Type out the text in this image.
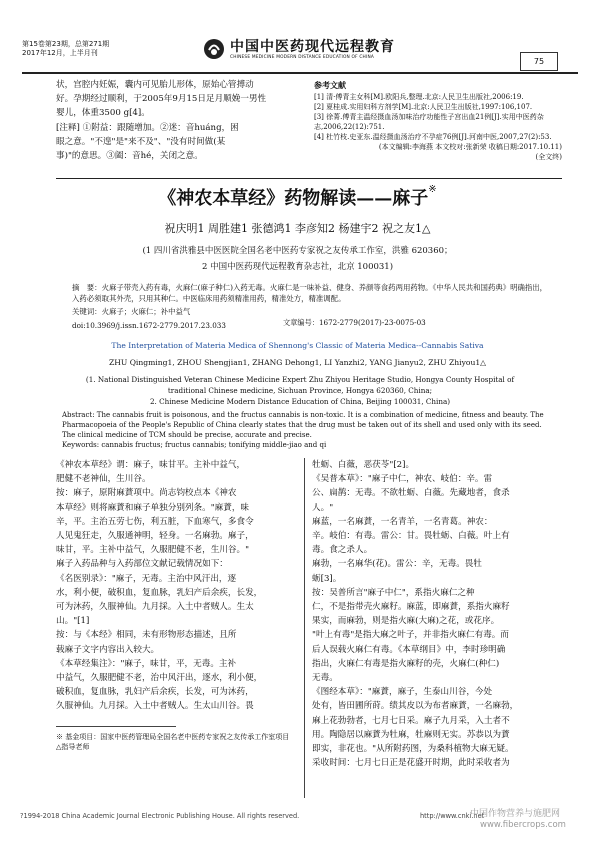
第15卷第23期，总第271期
2017年12月，上半月刊	中国中医药现代远程教育
CHINESE MEDICINE MODERN DISTANCE EDUCATION OF CHINA	75

状，宫腔内妊娠，囊内可见胎儿形体，原始心管搏动

好。孕期经过顺利，于2005年9月15日足月顺娩一男性

婴儿，体重3500 g[4]。

[注释] ①附益：跟随增加。②迷：音huáng，困

眼之意。"不遑"是"来不及"、"没有时间做(某

事)"的意思。③阖：音hé，关闭之意。

参考文献

[1] 清·傅青主女科[M].欧阳兵,整理.北京:人民卫生出版社,2006:19.

[2] 夏桂成.实用妇科方剂学[M].北京:人民卫生出版社,1997:106,107.

[3] 徐菁.傅青主温经摄血汤加味治疗功能性子宫出血21例[J].实用中医药杂志,2006,22(12):751.

[4] 杜竹枝.史亚东.温经摄血汤治疗不孕症76例[J].河南中医,2007,27(2):53.

(本文编辑:李海燕 本文校对:张新荣 收稿日期:2017.10.11)

(全文终)

《神农本草经》药物解读——麻子※
祝庆明1 周胜建1 张德鸿1 李彦知2 杨建宇2 祝之友1△
(1 四川省洪雅县中医医院全国名老中医药专家祝之友传承工作室，洪雅 620360；
2 中国中医药现代远程教育杂志社，北京 100031)
摘　要：火麻子带壳入药有毒，火麻仁(麻子种仁)入药无毒。火麻仁是一味补益、健身、养颜等食药两用药物。《中华人民共和国药典》明确指出，入药必须取其外壳，只用其种仁。中医临床用药须精准用药，精准处方，精准调配。
关键词：火麻子；火麻仁；补中益气
doi:10.3969/j.issn.1672-2779.2017.23.033	文章编号：1672-2779(2017)-23-0075-03
The Interpretation of Materia Medica of Shennong's Classic of Materia Medica--Cannabis Sativa
ZHU Qingming1, ZHOU Shengjian1, ZHANG Dehong1, LI Yanzhi2, YANG Jianyu2, ZHU Zhiyou1△
(1. National Distinguished Veteran Chinese Medicine Expert Zhu Zhiyou Heritage Studio, Hongya County Hospital of
traditional Chinese medicine, Sichuan Province, Hongya 620360, China;
2. Chinese Medicine Modern Distance Education of China, Beijing 100031, China)
Abstract: The cannabis fruit is poisonous, and the fructus cannabis is non-toxic. It is a combination of medicine, fitness and beauty. The Pharmacopoeia of the People's Republic of China clearly states that the drug must be taken out of its shell and used only with its seed. The clinical medicine of TCM should be precise, accurate and precise.
Keywords: cannabis fructus; fructus cannabis; tonifying middle-jiao and qi

《神农本草经》谓：麻子，味甘平。主补中益气，

肥健不老神仙，生川谷。

按：麻子，原附麻蕡项中。尚志钧校点本《神农

本草经》则将麻蕡和麻子单独分别列条。"麻蕡，味

辛，平。主治五劳七伤，利五脏，下血寒气，多食令

人见鬼狂走，久服通神明，轻身。一名麻勃。麻子，

味甘，平。主补中益气，久服肥健不老，生川谷。"

麻子入药品种与入药部位文献记载情况如下：

《名医别录》："麻子，无毒。主治中风汗出，逐

水，利小便，破积血，复血脉，乳妇产后余疾，长发，

可为沐药，久服神仙。九月採。入土中者贼人。生太

山。"[1]

按：与《本经》相同，未有形物形态描述，且所

载麻子文字内容出入较大。

《本草经集注》："麻子，味甘，平，无毒。主补

中益气，久服肥健不老，治中风汗出，逐水，利小便，

破积血，复血脉，乳妇产后余疾，长发，可为沐药，

久服神仙。九月採。入土中者贼人。生太山川谷。畏

牡蛎、白薇，恶茯苓"[2]。

《吴普本草》："麻子中仁，神农、岐伯：辛。雷

公、扁鹊：无毒。不欲牡蛎、白薇。先藏地者，食杀

人。"

麻蓝，一名麻蕡，一名青羊，一名青葛。神农：

辛。岐伯：有毒。雷公：甘。畏牡蛎、白薇。叶上有

毒。食之杀人。

麻勃，一名麻华(花)。雷公：辛，无毒。畏牡

蛎[3]。

按：吴普所言"麻子中仁"，系指火麻仁之种

仁，不是指带壳火麻籽。麻蓝，即麻蕡，系指火麻籽

果实，而麻勃，则是指火麻(大麻)之花，或花序。

"叶上有毒"是指大麻之叶子，并非指火麻仁有毒。而

后人误载火麻仁有毒。《本草纲目》中，李时珍明确

指出，火麻仁有毒是指火麻籽的壳，火麻仁(种仁)

无毒。

《图经本草》："麻蕡，麻子，生泰山川谷，今处

处有，皆田圃所莳。绩其皮以为布者麻蕡，一名麻勃，

麻上花勃勃者，七月七日采。麻子九月采，入土者不

用。陶隐居以麻蕡为牡麻，牡麻则无实。苏恭以为蕡

即实，非花也。"从所附药图，为桑科植物大麻无疑。

采收时间：七月七日正是花盛开时期，此时采收者为

※ 基金项目：国家中医药管理局全国名老中医药专家祝之友传承工作室项目

△指导老师

?1994-2018 China Academic Journal Electronic Publishing House. All rights reserved.	http://www.cnki.net
中国作物营养与施肥网
www.fibercrops.com
